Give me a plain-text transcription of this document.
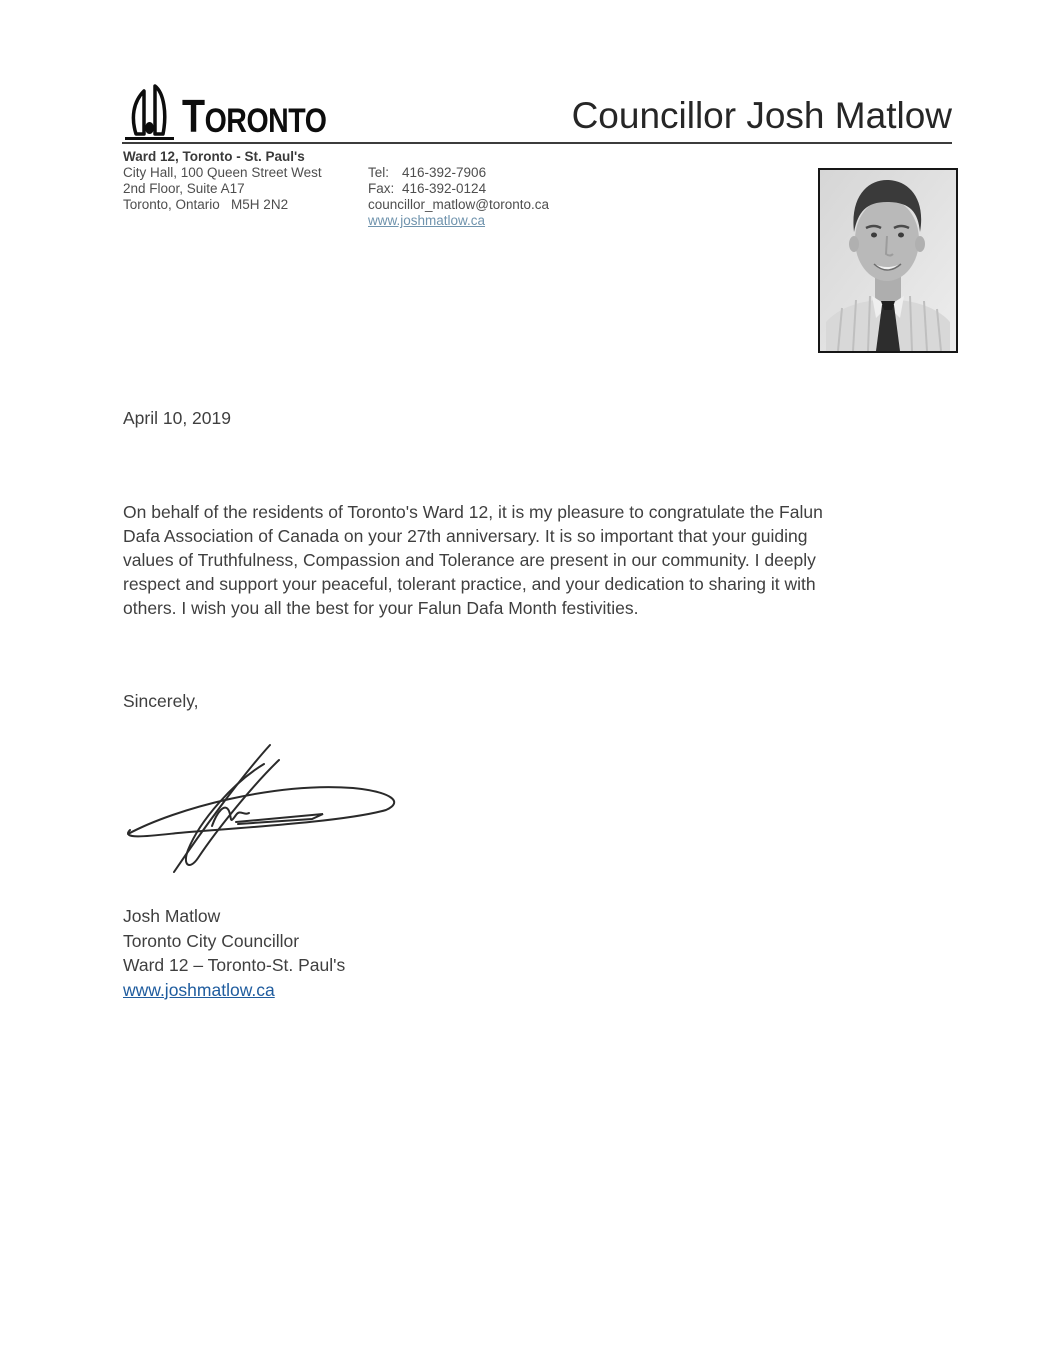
TORONTO	Councillor Josh Matlow
Ward 12, Toronto - St. Paul's
City Hall, 100 Queen Street West
2nd Floor, Suite A17
Toronto, Ontario   M5H 2N2
Tel: 416-392-7906
Fax: 416-392-0124
councillor_matlow@toronto.ca
www.joshmatlow.ca
April 10, 2019
On behalf of the residents of Toronto's Ward 12, it is my pleasure to congratulate the Falun
Dafa Association of Canada on your 27th anniversary. It is so important that your guiding
values of Truthfulness, Compassion and Tolerance are present in our community. I deeply
respect and support your peaceful, tolerant practice, and your dedication to sharing it with
others. I wish you all the best for your Falun Dafa Month festivities.
Sincerely,
Josh Matlow
Toronto City Councillor
Ward 12 – Toronto-St. Paul's
www.joshmatlow.ca
